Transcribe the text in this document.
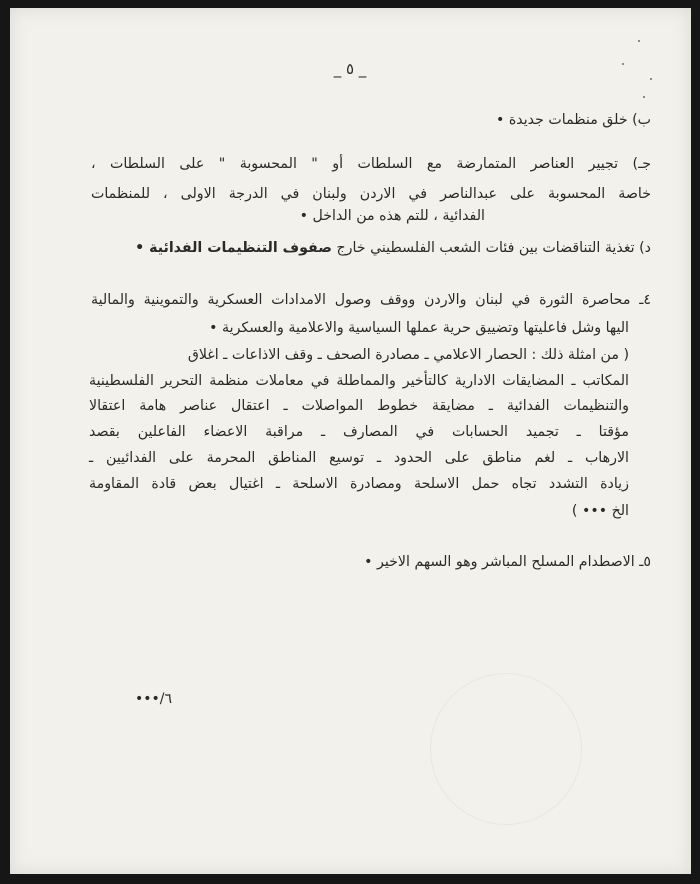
_ ٥ _
ب) خلق منظمات جديدة •
جـ) تجيير العناصر المتمارضة مع السلطات أو " المحسوبة " على السلطات ،
خاصة المحسوبة على عبدالناصر في الاردن ولبنان في الدرجة الاولى ، للمنظمات
الفدائية ، للتم هذه من الداخل •
د) تغذية التناقضات بين فئات الشعب الفلسطيني خارج صفوف التنظيمات الفدائية •
٤ـ محاصرة الثورة في لبنان والاردن ووقف وصول الامدادات العسكرية والتموينية والمالية
اليها وشل فاعليتها وتضييق حرية عملها السياسية والاعلامية والعسكرية •
( من امثلة ذلك : الحصار الاعلامي ـ مصادرة الصحف ـ وقف الاذاعات ـ اغلاق
المكاتب ـ المضايقات الادارية كالتأخير والمماطلة في معاملات منظمة التحرير الفلسطينية
والتنظيمات الفدائية ـ مضايقة خطوط المواصلات ـ اعتقال عناصر هامة اعتقالا
مؤقتا ـ تجميد الحسابات في المصارف ـ مراقبة الاعضاء الفاعلين بقصد
الارهاب ـ لغم مناطق على الحدود ـ توسيع المناطق المحرمة على الفدائيين ـ
زيادة التشدد تجاه حمل الاسلحة ومصادرة الاسلحة ـ اغتيال بعض قادة المقاومة
الخ ••• )
٥ـ الاصطدام المسلح المباشر وهو السهم الاخير •
٦/•••
